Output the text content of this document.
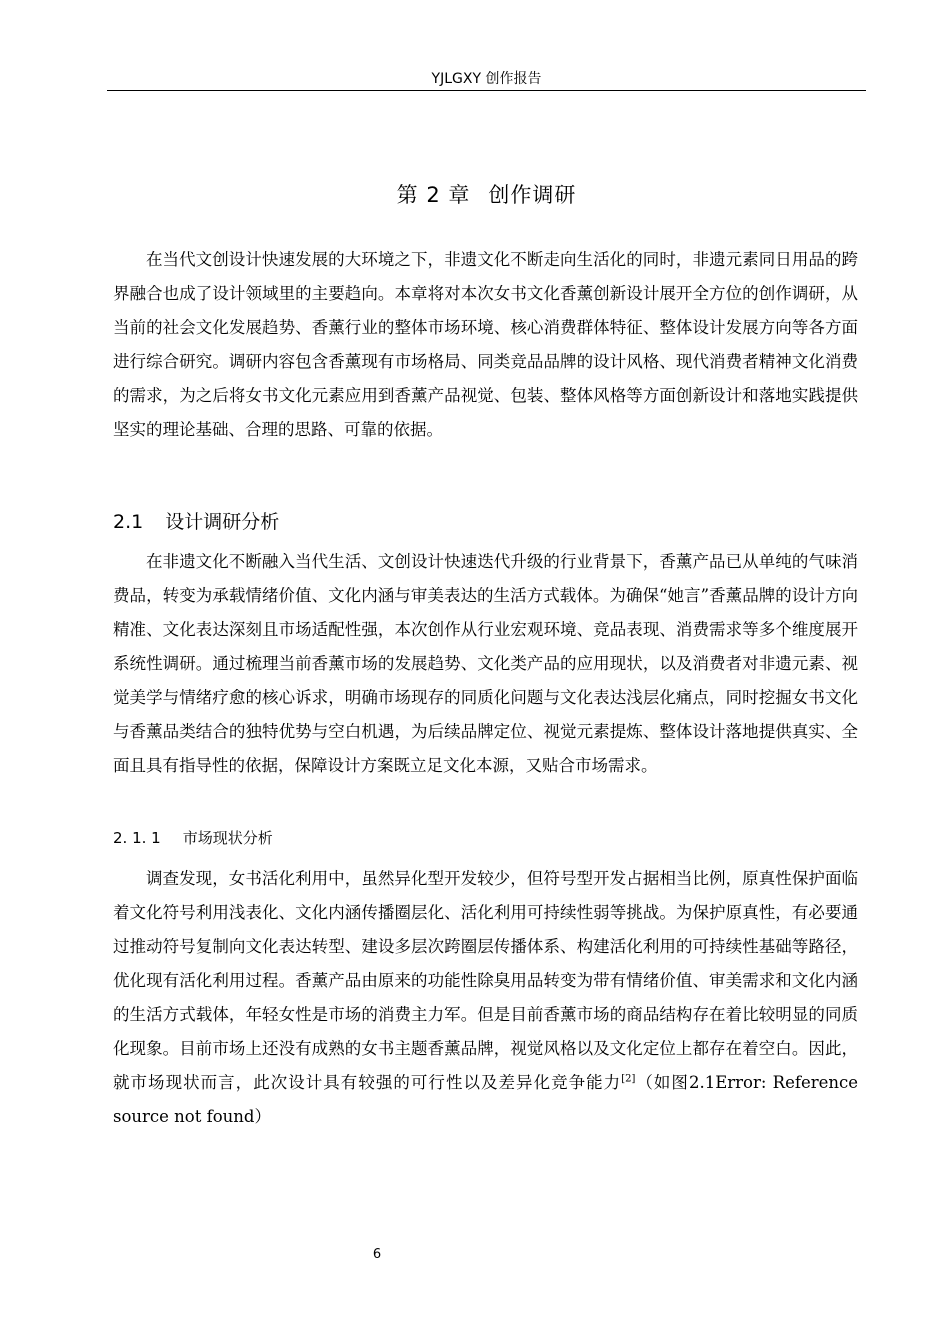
YJLGXY 创作报告
第 2 章 创作调研

在当代文创设计快速发展的大环境之下，非遗文化不断走向生活化的同时，非遗元素同日用品的跨界融合也成了设计领域里的主要趋向。本章将对本次女书文化香薰创新设计展开全方位的创作调研，从当前的社会文化发展趋势、香薰行业的整体市场环境、核心消费群体特征、整体设计发展方向等各方面进行综合研究。调研内容包含香薰现有市场格局、同类竞品品牌的设计风格、现代消费者精神文化消费的需求，为之后将女书文化元素应用到香薰产品视觉、包装、整体风格等方面创新设计和落地实践提供坚实的理论基础、合理的思路、可靠的依据。

2.1 设计调研分析

在非遗文化不断融入当代生活、文创设计快速迭代升级的行业背景下，香薰产品已从单纯的气味消费品，转变为承载情绪价值、文化内涵与审美表达的生活方式载体。为确保“她言”香薰品牌的设计方向精准、文化表达深刻且市场适配性强，本次创作从行业宏观环境、竞品表现、消费需求等多个维度展开系统性调研。通过梳理当前香薰市场的发展趋势、文化类产品的应用现状，以及消费者对非遗元素、视觉美学与情绪疗愈的核心诉求，明确市场现存的同质化问题与文化表达浅层化痛点，同时挖掘女书文化与香薰品类结合的独特优势与空白机遇，为后续品牌定位、视觉元素提炼、整体设计落地提供真实、全面且具有指导性的依据，保障设计方案既立足文化本源，又贴合市场需求。

2. 1. 1 市场现状分析

调查发现，女书活化利用中，虽然异化型开发较少，但符号型开发占据相当比例，原真性保护面临着文化符号利用浅表化、文化内涵传播圈层化、活化利用可持续性弱等挑战。为保护原真性，有必要通过推动符号复制向文化表达转型、建设多层次跨圈层传播体系、构建活化利用的可持续性基础等路径，优化现有活化利用过程。香薰产品由原来的功能性除臭用品转变为带有情绪价值、审美需求和文化内涵的生活方式载体，年轻女性是市场的消费主力军。但是目前香薰市场的商品结构存在着比较明显的同质化现象。目前市场上还没有成熟的女书主题香薰品牌，视觉风格以及文化定位上都存在着空白。因此，就市场现状而言，此次设计具有较强的可行性以及差异化竞争能力[2]（如图2.1Error: Reference source not found）

6
